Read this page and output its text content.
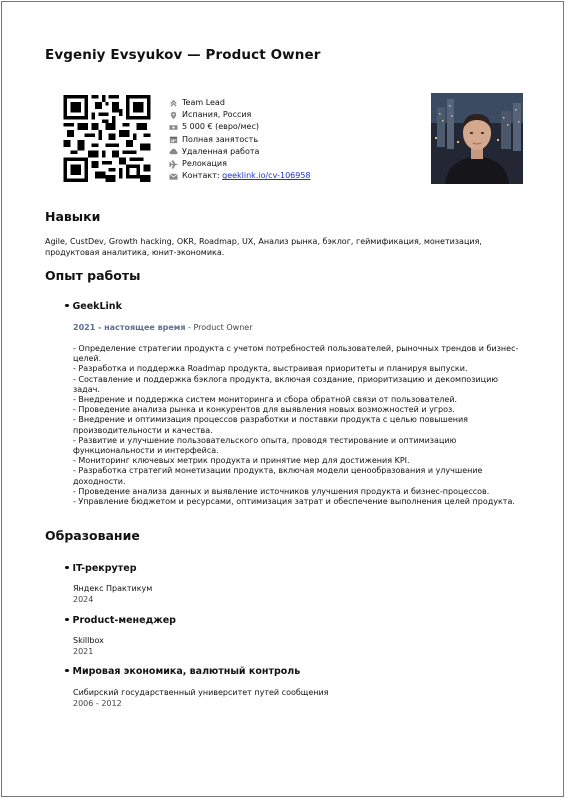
Evgeniy Evsyukov — Product Owner
Team Lead
Испания, Россия
5 000 € (евро/мес)
Полная занятость
Удаленная работа
Релокация
Контакт:
geeklink.io/cv-106958
Навыки
Agile, CustDev, Growth hacking, OKR, Roadmap, UX, Анализ рынка, бэклог, геймификация, монетизация, продуктовая аналитика, юнит-экономика.
Опыт работы
GeekLink
2021 - настоящее время - Product Owner
- Определение стратегии продукта с учетом потребностей пользователей, рыночных трендов и бизнес-целей.
- Разработка и поддержка Roadmap продукта, выстраивая приоритеты и планируя выпуски.
- Составление и поддержка бэклога продукта, включая создание, приоритизацию и декомпозицию задач.
- Внедрение и поддержка систем мониторинга и сбора обратной связи от пользователей.
- Проведение анализа рынка и конкурентов для выявления новых возможностей и угроз.
- Внедрение и оптимизация процессов разработки и поставки продукта с целью повышения производительности и качества.
- Развитие и улучшение пользовательского опыта, проводя тестирование и оптимизацию функциональности и интерфейса.
- Мониторинг ключевых метрик продукта и принятие мер для достижения KPI.
- Разработка стратегий монетизации продукта, включая модели ценообразования и улучшение доходности.
- Проведение анализа данных и выявление источников улучшения продукта и бизнес-процессов.
- Управление бюджетом и ресурсами, оптимизация затрат и обеспечение выполнения целей продукта.
Образование
IT-рекрутер
Яндекс Практикум
2024
Product-менеджер
Skillbox
2021
Мировая экономика, валютный контроль
Сибирский государственный университет путей сообщения
2006 - 2012
